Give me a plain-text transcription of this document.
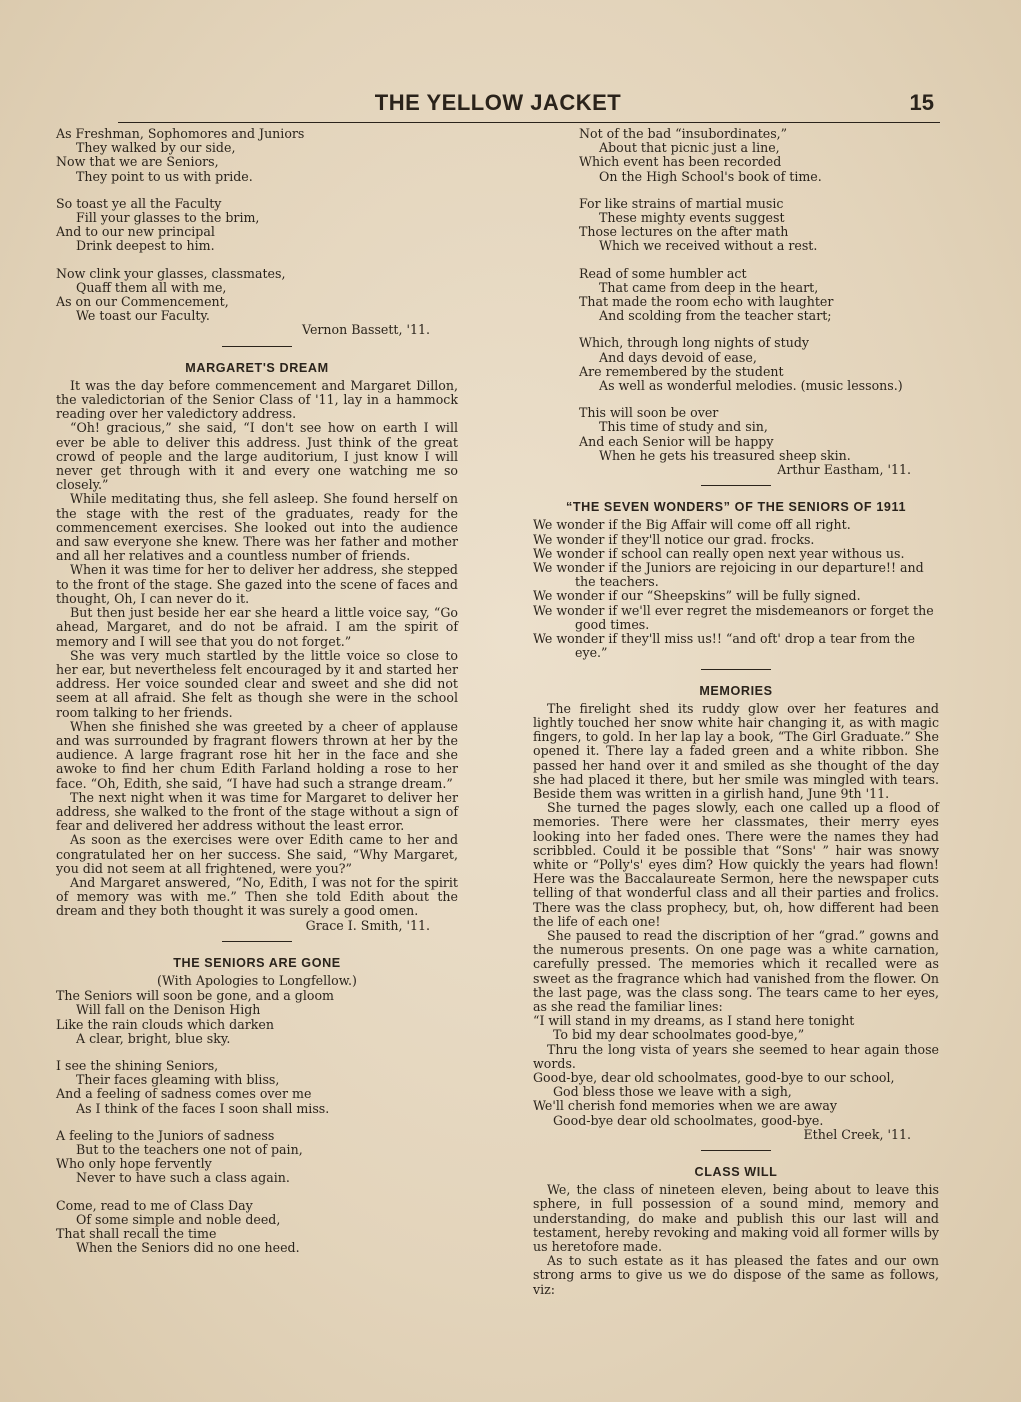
THE YELLOW JACKET	15
As Freshman, Sophomores and Juniors
They walked by our side,
Now that we are Seniors,
They point to us with pride.
So toast ye all the Faculty
Fill your glasses to the brim,
And to our new principal
Drink deepest to him.
Now clink your glasses, classmates,
Quaff them all with me,
As on our Commencement,
We toast our Faculty.
Vernon Bassett, '11.
MARGARET'S DREAM

It was the day before commencement and Margaret Dillon, the valedictorian of the Senior Class of '11, lay in a hammock reading over her valedictory address.

“Oh! gracious,” she said, “I don't see how on earth I will ever be able to deliver this address. Just think of the great crowd of people and the large auditorium, I just know I will never get through with it and every one watching me so closely.”

While meditating thus, she fell asleep. She found herself on the stage with the rest of the graduates, ready for the commencement exercises. She looked out into the audience and saw everyone she knew. There was her father and mother and all her relatives and a countless number of friends.

When it was time for her to deliver her address, she stepped to the front of the stage. She gazed into the scene of faces and thought, Oh, I can never do it.

But then just beside her ear she heard a little voice say, “Go ahead, Margaret, and do not be afraid. I am the spirit of memory and I will see that you do not forget.”

She was very much startled by the little voice so close to her ear, but nevertheless felt encouraged by it and started her address. Her voice sounded clear and sweet and she did not seem at all afraid. She felt as though she were in the school room talking to her friends.

When she finished she was greeted by a cheer of applause and was surrounded by fragrant flowers thrown at her by the audience. A large fragrant rose hit her in the face and she awoke to find her chum Edith Farland holding a rose to her face. “Oh, Edith, she said, “I have had such a strange dream.”

The next night when it was time for Margaret to deliver her address, she walked to the front of the stage without a sign of fear and delivered her address without the least error.

As soon as the exercises were over Edith came to her and congratulated her on her success. She said, “Why Margaret, you did not seem at all frightened, were you?”

And Margaret answered, “No, Edith, I was not for the spirit of memory was with me.” Then she told Edith about the dream and they both thought it was surely a good omen.

Grace I. Smith, '11.
THE SENIORS ARE GONE
(With Apologies to Longfellow.)
The Seniors will soon be gone, and a gloom
Will fall on the Denison High
Like the rain clouds which darken
A clear, bright, blue sky.
I see the shining Seniors,
Their faces gleaming with bliss,
And a feeling of sadness comes over me
As I think of the faces I soon shall miss.
A feeling to the Juniors of sadness
But to the teachers one not of pain,
Who only hope fervently
Never to have such a class again.
Come, read to me of Class Day
Of some simple and noble deed,
That shall recall the time
When the Seniors did no one heed.
Not of the bad “insubordinates,”
About that picnic just a line,
Which event has been recorded
On the High School's book of time.
For like strains of martial music
These mighty events suggest
Those lectures on the after math
Which we received without a rest.
Read of some humbler act
That came from deep in the heart,
That made the room echo with laughter
And scolding from the teacher start;
Which, through long nights of study
And days devoid of ease,
Are remembered by the student
As well as wonderful melodies. (music lessons.)
This will soon be over
This time of study and sin,
And each Senior will be happy
When he gets his treasured sheep skin.
Arthur Eastham, '11.
“THE SEVEN WONDERS” OF THE SENIORS OF 1911

We wonder if the Big Affair will come off all right.

We wonder if they'll notice our grad. frocks.

We wonder if school can really open next year withous us.

We wonder if the Juniors are rejoicing in our departure!! and the teachers.

We wonder if our “Sheepskins” will be fully signed.

We wonder if we'll ever regret the misdemeanors or forget the good times.

We wonder if they'll miss us!! “and oft' drop a tear from the eye.”

MEMORIES

The firelight shed its ruddy glow over her features and lightly touched her snow white hair changing it, as with magic fingers, to gold. In her lap lay a book, “The Girl Graduate.” She opened it. There lay a faded green and a white ribbon. She passed her hand over it and smiled as she thought of the day she had placed it there, but her smile was mingled with tears. Beside them was written in a girlish hand, June 9th '11.

She turned the pages slowly, each one called up a flood of memories. There were her classmates, their merry eyes looking into her faded ones. There were the names they had scribbled. Could it be possible that “Sons' ” hair was snowy white or “Polly's' eyes dim? How quickly the years had flown! Here was the Baccalaureate Sermon, here the newspaper cuts telling of that wonderful class and all their parties and frolics. There was the class prophecy, but, oh, how different had been the life of each one!

She paused to read the discription of her “grad.” gowns and the numerous presents. On one page was a white carnation, carefully pressed. The memories which it recalled were as sweet as the fragrance which had vanished from the flower. On the last page, was the class song. The tears came to her eyes, as she read the familiar lines:

“I will stand in my dreams, as I stand here tonight
To bid my dear schoolmates good-bye,”

Thru the long vista of years she seemed to hear again those words.

Good-bye, dear old schoolmates, good-bye to our school,
God bless those we leave with a sigh,
We'll cherish fond memories when we are away
Good-bye dear old schoolmates, good-bye.
Ethel Creek, '11.
CLASS WILL

We, the class of nineteen eleven, being about to leave this sphere, in full possession of a sound mind, memory and understanding, do make and publish this our last will and testament, hereby revoking and making void all former wills by us heretofore made.

As to such estate as it has pleased the fates and our own strong arms to give us we do dispose of the same as follows, viz:
